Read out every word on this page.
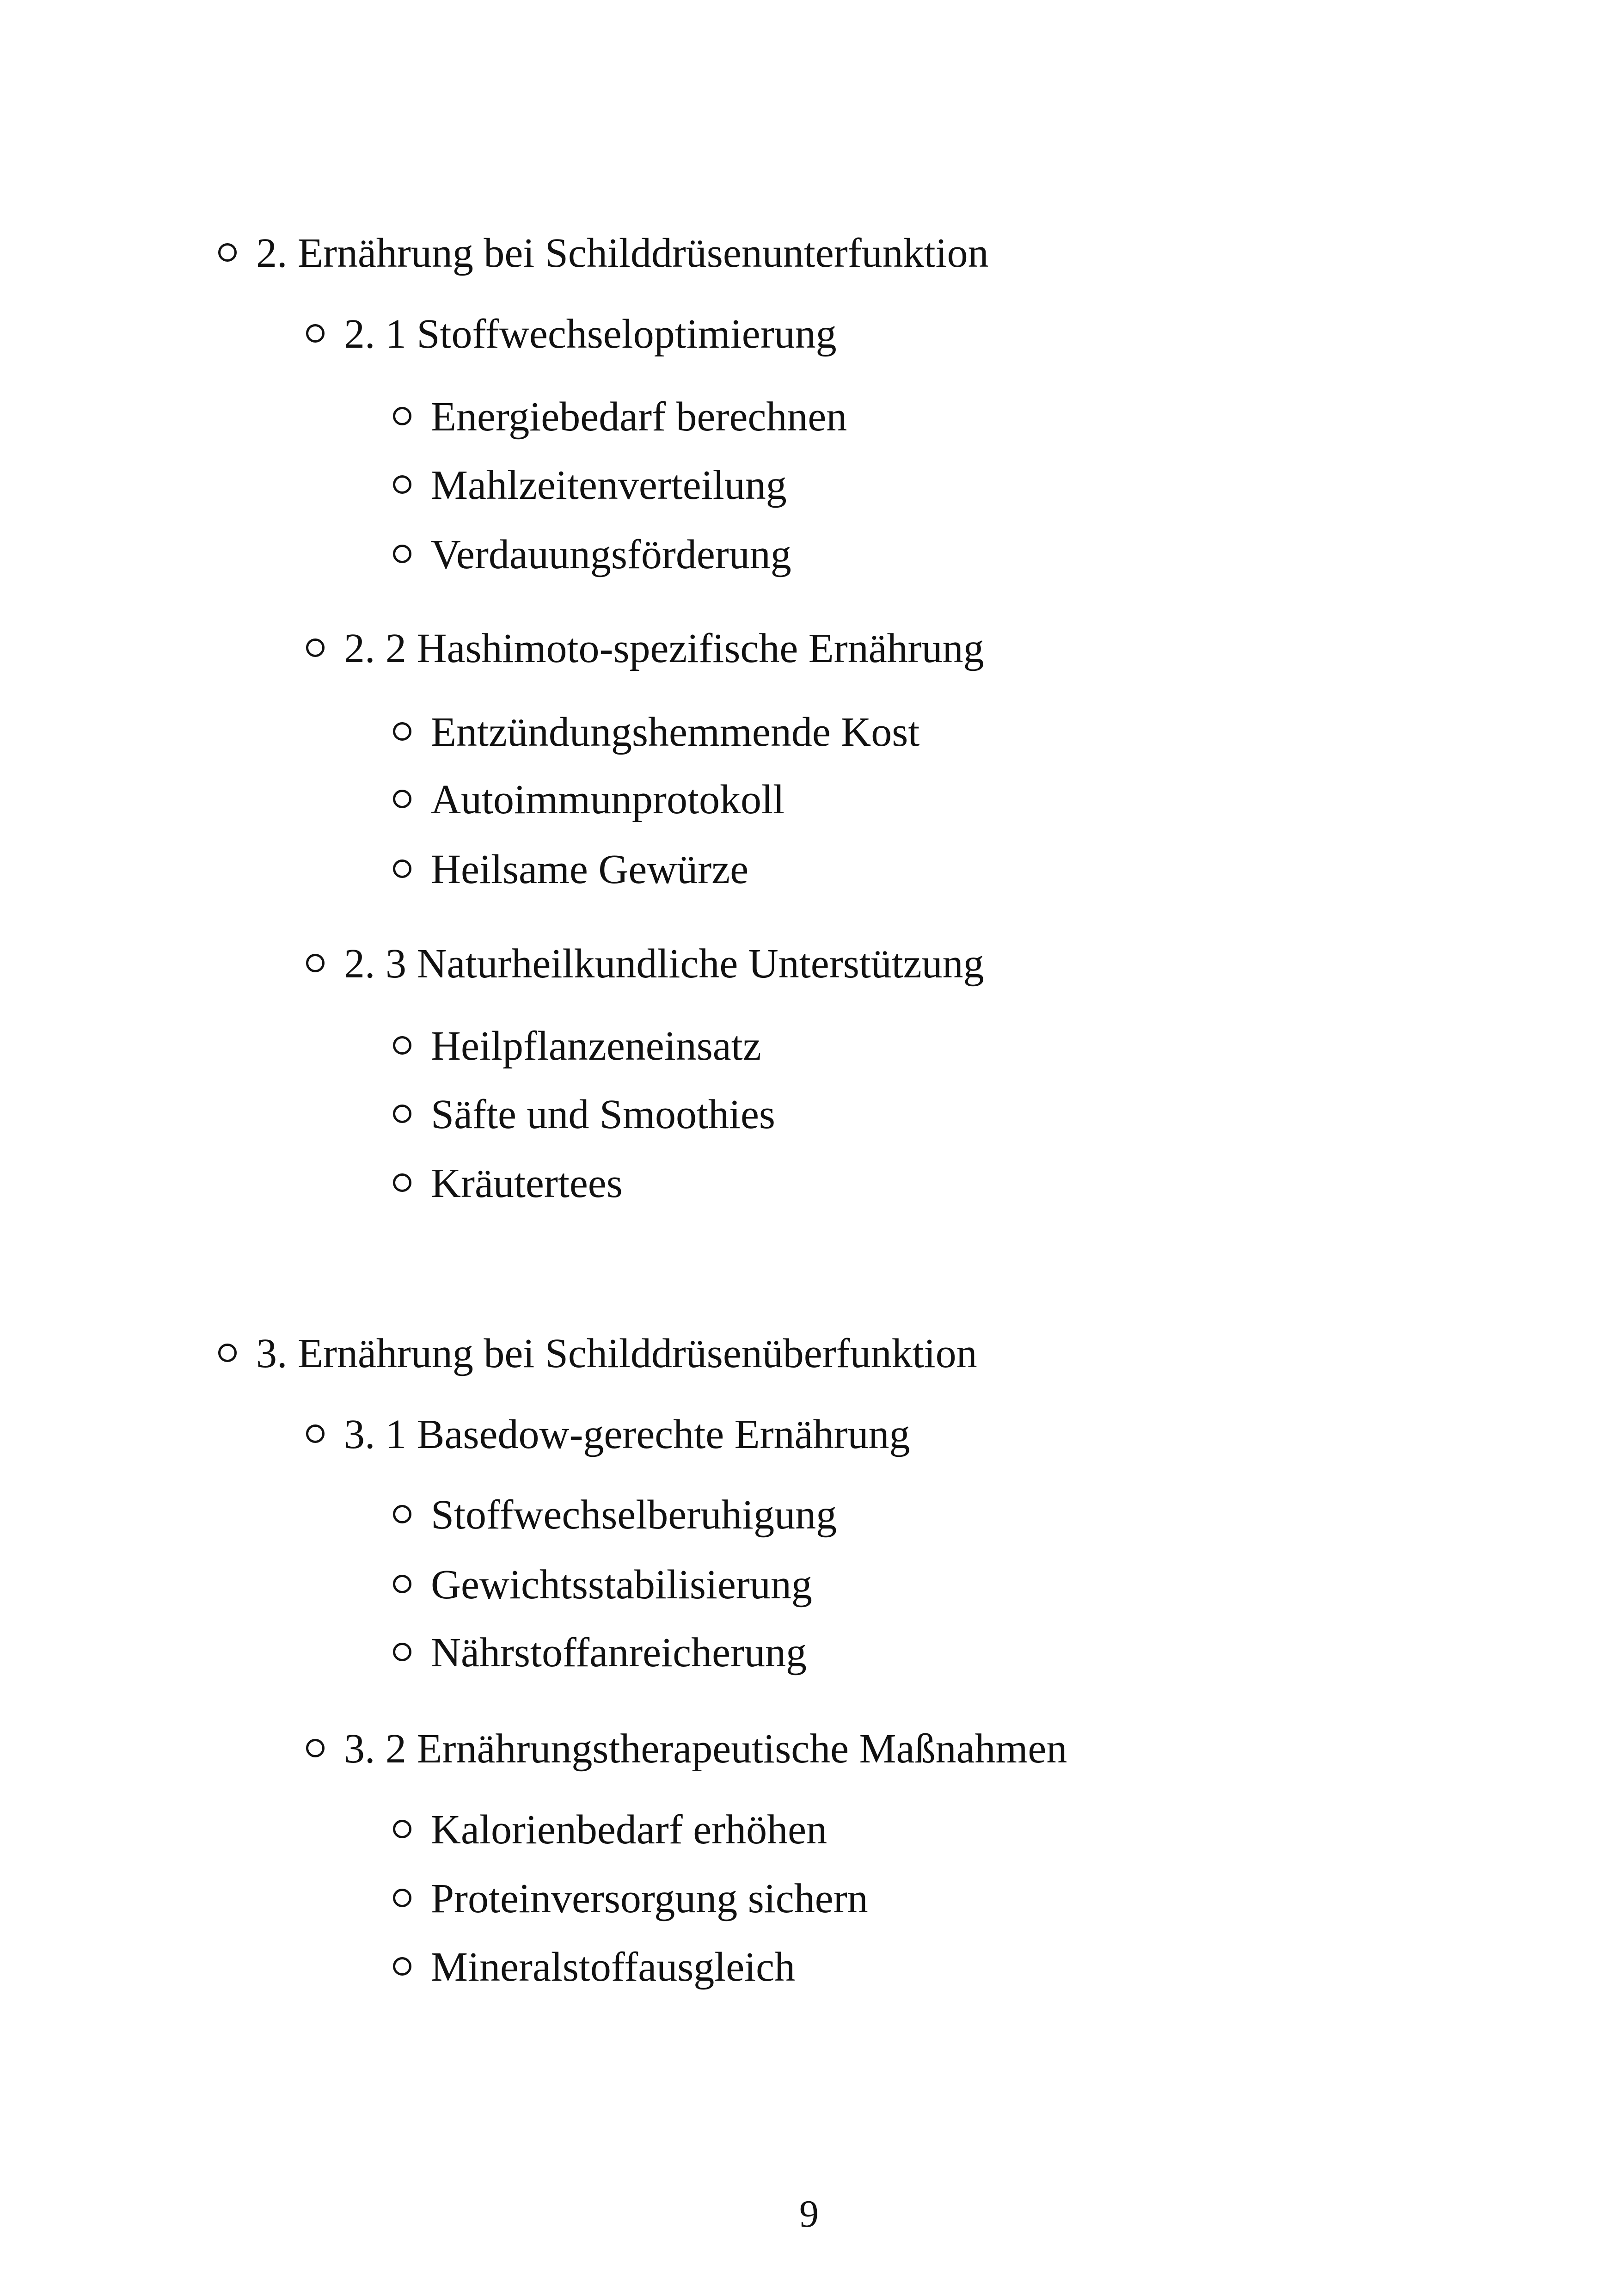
2. Ernährung bei Schilddrüsenunterfunktion
2. 1 Stoffwechseloptimierung
Energiebedarf berechnen
Mahlzeitenverteilung
Verdauungsförderung
2. 2 Hashimoto-spezifische Ernährung
Entzündungshemmende Kost
Autoimmunprotokoll
Heilsame Gewürze
2. 3 Naturheilkundliche Unterstützung
Heilpflanzeneinsatz
Säfte und Smoothies
Kräutertees
3. Ernährung bei Schilddrüsenüberfunktion
3. 1 Basedow-gerechte Ernährung
Stoffwechselberuhigung
Gewichtsstabilisierung
Nährstoffanreicherung
3. 2 Ernährungstherapeutische Maßnahmen
Kalorienbedarf erhöhen
Proteinversorgung sichern
Mineralstoffausgleich
9
